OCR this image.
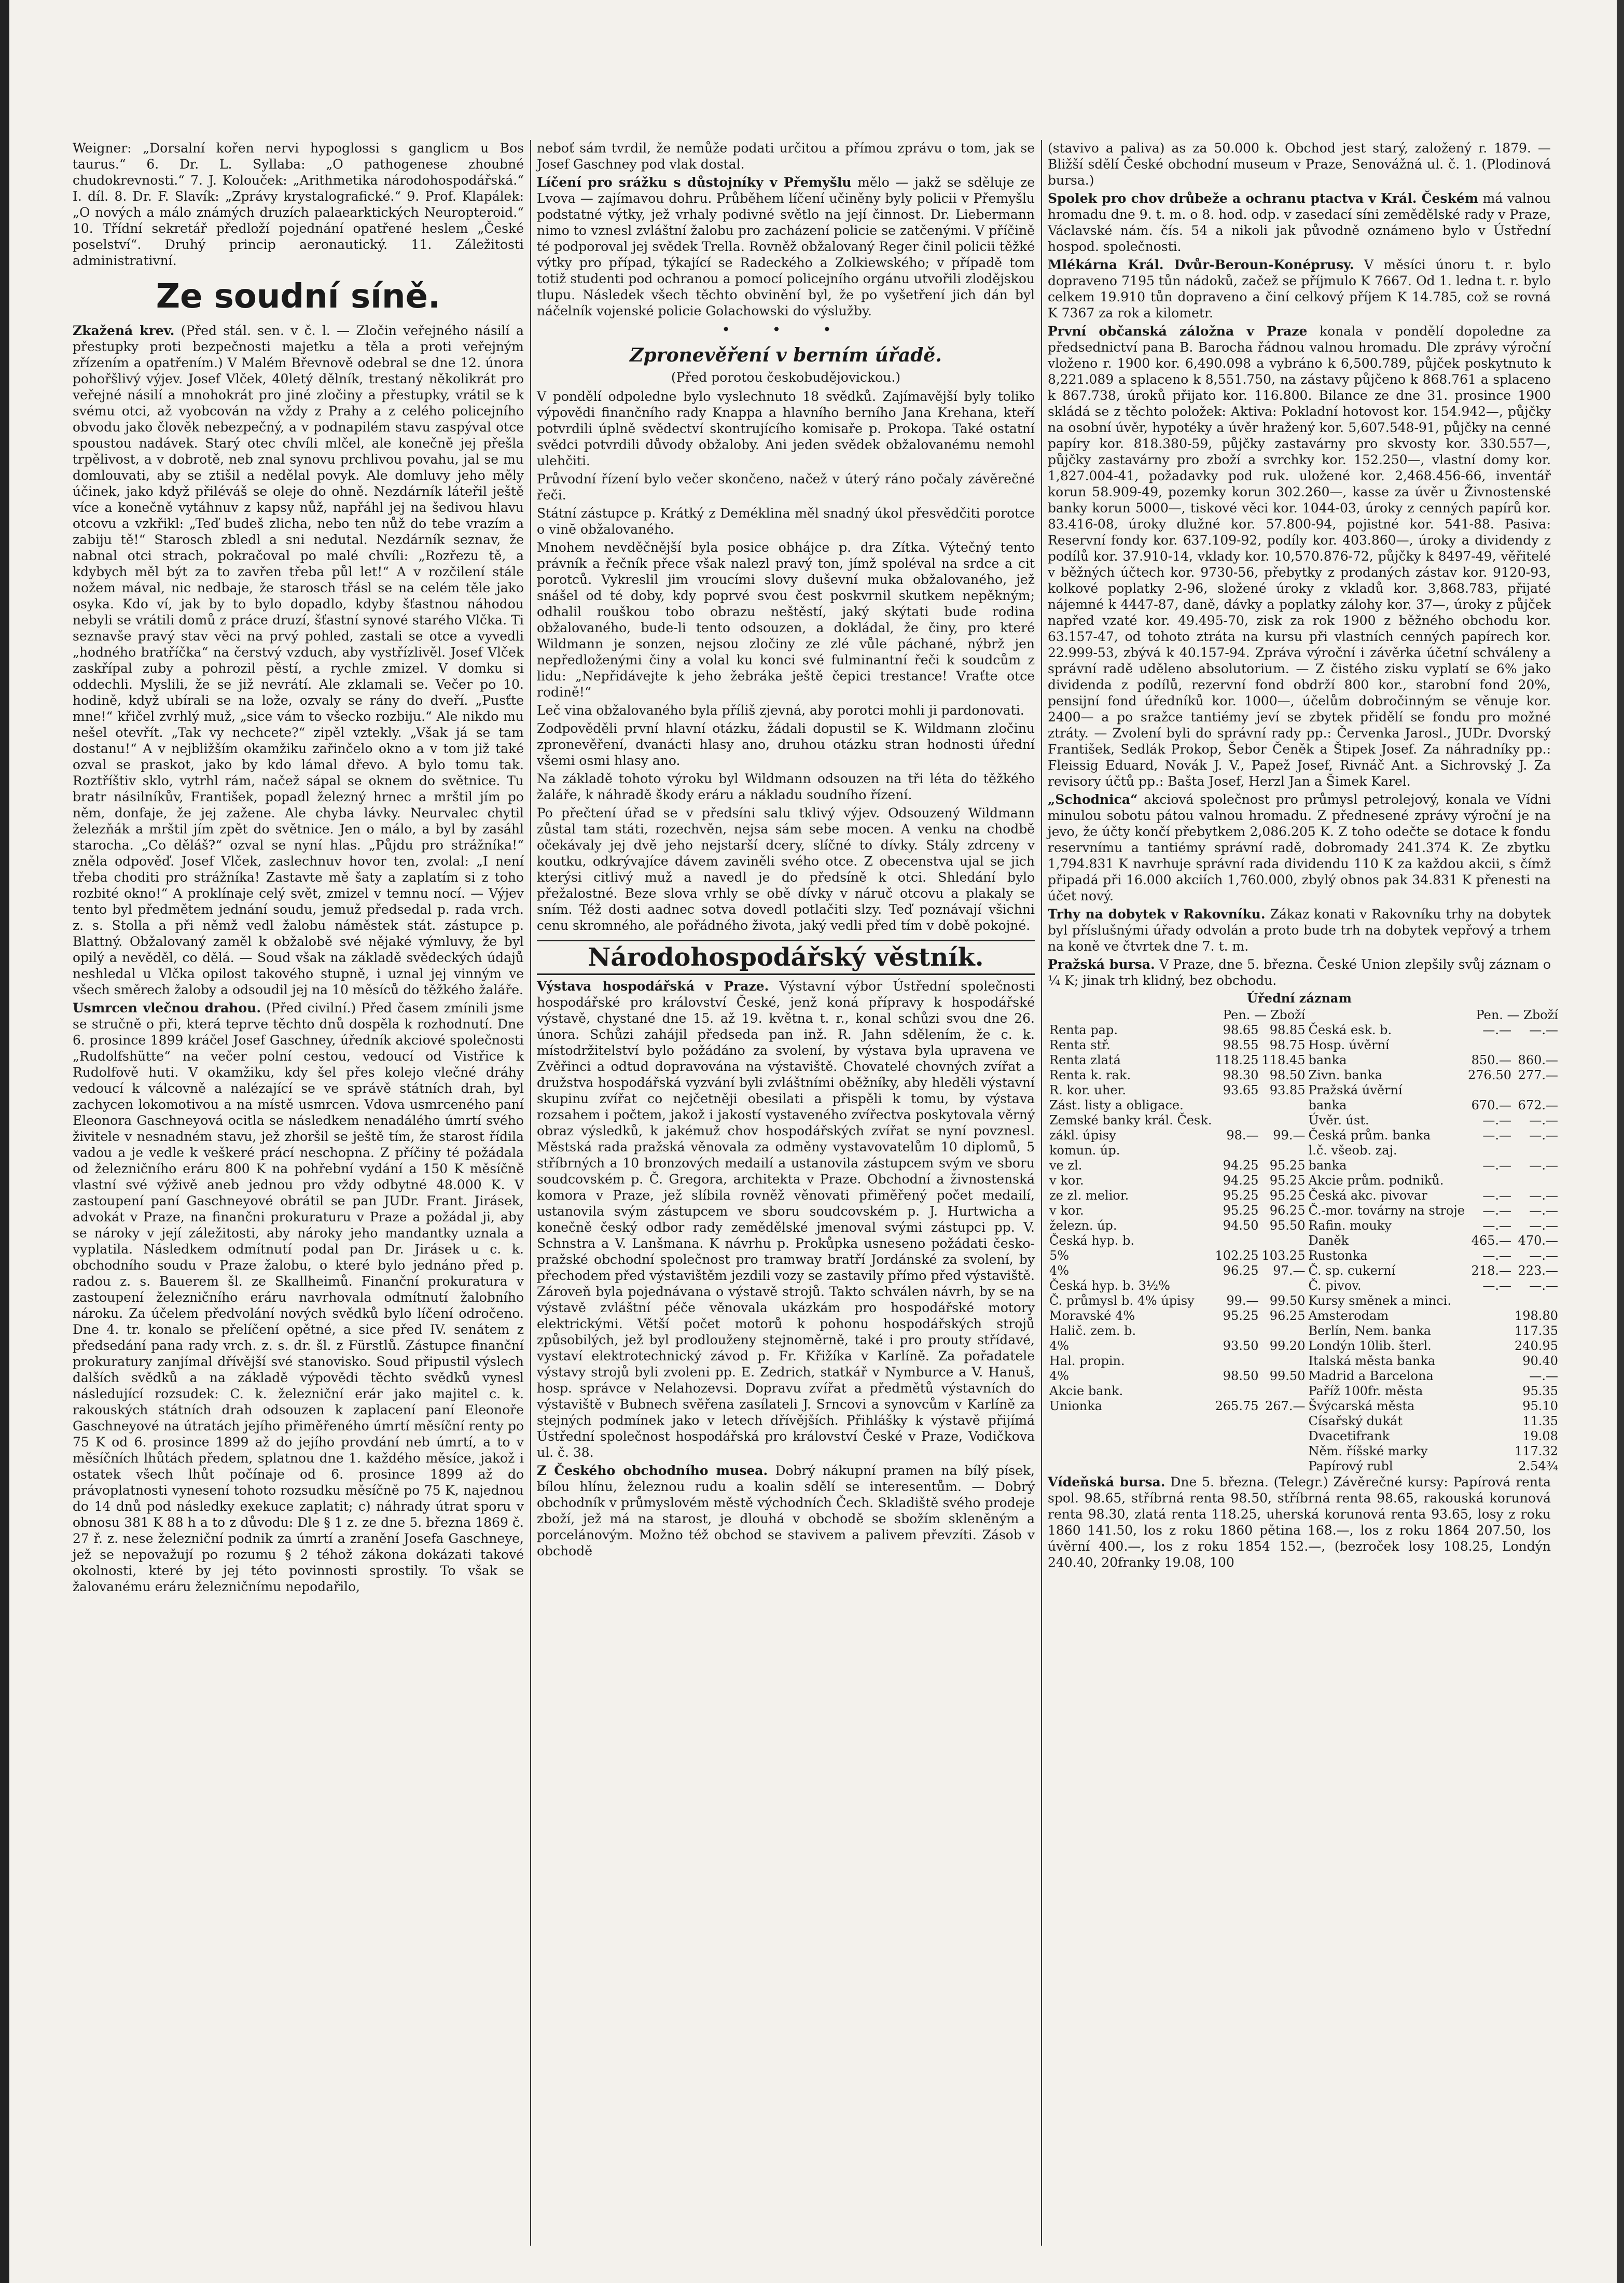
Weigner: „Dorsalní kořen nervi hypoglossi s ganglicm u Bos taurus.“ 6. Dr. L. Syllaba: „O pathogenese zhoubné chudokrevnosti.“ 7. J. Kolouček: „Arithmetika národohospodářská.“ I. díl. 8. Dr. F. Slavík: „Zprávy krystalografické.“ 9. Prof. Klapálek: „O nových a málo známých druzích palaearktických Neuropteroid.“ 10. Třídní sekretář předloží pojednání opatřené heslem „České poselství“. Druhý princip aeronautický. 11. Záležitosti administrativní.

Ze soudní síně.

Zkažená krev. (Před stál. sen. v č. l. — Zločin veřejného násilí a přestupky proti bezpečnosti majetku a těla a proti veřejným zřízením a opatřením.) V Malém Břevnově odebral se dne 12. února pohořšlivý výjev. Josef Vlček, 40letý dělník, trestaný několikrát pro veřejné násilí a mnohokrát pro jiné zločiny a přestupky, vrátil se k svému otci, až vyobcován na vždy z Prahy a z celého policejního obvodu jako člověk nebezpečný, a v podnapilém stavu zaspýval otce spoustou nadávek. Starý otec chvíli mlčel, ale konečně jej přešla trpělivost, a v dobrotě, neb znal synovu prchlivou povahu, jal se mu domlouvati, aby se ztišil a nedělal povyk. Ale domluvy jeho měly účinek, jako když přiléváš se oleje do ohně. Nezdárník láteřil ještě více a konečně vytáhnuv z kapsy nůž, napřáhl jej na šedivou hlavu otcovu a vzkřikl: „Teď budeš zlicha, nebo ten nůž do tebe vrazím a zabiju tě!“ Starosch zbledl a sni nedutal. Nezdárník seznav, že nabnal otci strach, pokračoval po malé chvíli: „Rozřezu tě, a kdybych měl být za to zavřen třeba půl let!“ A v rozčilení stále nožem mával, nic nedbaje, že starosch třásl se na celém těle jako osyka. Kdo ví, jak by to bylo dopadlo, kdyby šťastnou náhodou nebyli se vrátili domů z práce druzí, šťastní synové starého Vlčka. Ti seznavše pravý stav věci na prvý pohled, zastali se otce a vyvedli „hodného bratříčka“ na čerstvý vzduch, aby vystřízlivěl. Josef Vlček zaskřípal zuby a pohrozil pěstí, a rychle zmizel. V domku si oddechli. Myslili, že se již nevrátí. Ale zklamali se. Večer po 10. hodině, když ubírali se na lože, ozvaly se rány do dveří. „Pusťte mne!“ křičel zvrhlý muž, „sice vám to všecko rozbiju.“ Ale nikdo mu nešel otevřít. „Tak vy nechcete?“ zipěl vztekly. „Však já se tam dostanu!“ A v nejbližším okamžiku zařinčelo okno a v tom již také ozval se praskot, jako by kdo lámal dřevo. A bylo tomu tak. Roztříštiv sklo, vytrhl rám, načež sápal se oknem do světnice. Tu bratr násilníkův, František, popadl železný hrnec a mrštil jím po něm, donfaje, že jej zažene. Ale chyba lávky. Neurvalec chytil železňák a mrštil jím zpět do světnice. Jen o málo, a byl by zasáhl starocha. „Co děláš?“ ozval se nyní hlas. „Půjdu pro strážníka!“ zněla odpověď. Josef Vlček, zaslechnuv hovor ten, zvolal: „I není třeba choditi pro strážníka! Zastavte mě šaty a zaplatím si z toho rozbité okno!“ A proklínaje celý svět, zmizel v temnu nocí. — Výjev tento byl předmětem jednání soudu, jemuž předsedal p. rada vrch. z. s. Stolla a při němž vedl žalobu náměstek stát. zástupce p. Blattný. Obžalovaný zaměl k obžalobě své nějaké výmluvy, že byl opilý a nevěděl, co dělá. — Soud však na základě svědeckých údajů neshledal u Vlčka opilost takového stupně, i uznal jej vinným ve všech směrech žaloby a odsoudil jej na 10 měsíců do těžkého žaláře.

Usmrcen vlečnou drahou. (Před civilní.) Před časem zmínili jsme se stručně o při, která teprve těchto dnů dospěla k rozhodnutí. Dne 6. prosince 1899 kráčel Josef Gaschney, úředník akciové společnosti „Rudolfshütte“ na večer polní cestou, vedoucí od Vistřice k Rudolfově huti. V okamžiku, kdy šel přes kolejo vlečné dráhy vedoucí k válcovně a nalézající se ve správě státních drah, byl zachycen lokomotivou a na místě usmrcen. Vdova usmrceného paní Eleonora Gaschneyová ocitla se následkem nenadálého úmrtí svého živitele v nesnadném stavu, jež zhoršil se ještě tím, že starost řídila vadou a je vedle k veškeré prácí neschopna. Z příčiny té požádala od železničního eráru 800 K na pohřební vydání a 150 K měsíčně vlastní své výživě aneb jednou pro vždy odbytné 48.000 K. V zastoupení paní Gaschneyové obrátil se pan JUDr. Frant. Jirásek, advokát v Praze, na finančni prokuraturu v Praze a požádal ji, aby se nároky v její záležitosti, aby nároky jeho mandantky uznala a vyplatila. Následkem odmítnutí podal pan Dr. Jirásek u c. k. obchodního soudu v Praze žalobu, o které bylo jednáno před p. radou z. s. Bauerem šl. ze Skallheimů. Finanční prokuratura v zastoupení železničního eráru navrhovala odmítnutí žalobního nároku. Za účelem předvolání nových svědků bylo líčení odročeno. Dne 4. tr. konalo se přelíčení opětné, a sice před IV. senátem z předsedání pana rady vrch. z. s. dr. šl. z Fürstlů. Zástupce finanční prokuratury zanjímal dřívější své stanovisko. Soud připustil výslech dalších svědků a na základě výpovědi těchto svědků vynesl následující rozsudek: C. k. železniční erár jako majitel c. k. rakouských státních drah odsouzen k zaplacení paní Eleonoře Gaschneyové na útratách jejího přiměřeného úmrtí měsíční renty po 75 K od 6. prosince 1899 až do jejího provdání neb úmrtí, a to v měsíčních lhůtách předem, splatnou dne 1. každého měsíce, jakož i ostatek všech lhůt počínaje od 6. prosince 1899 až do právoplatnosti vynesení tohoto rozsudku měsíčně po 75 K, najednou do 14 dnů pod následky exekuce zaplatit; c) náhrady útrat sporu v obnosu 381 K 88 h a to z důvodu: Dle § 1 z. ze dne 5. března 1869 č. 27 ř. z. nese železniční podnik za úmrtí a zranění Josefa Gaschneye, jež se nepovažují po rozumu § 2 téhož zákona dokázati takové okolnosti, které by jej této povinnosti sprostily. To však se žalovanému eráru železničnímu nepodařilo,

neboť sám tvrdil, že nemůže podati určitou a přímou zprávu o tom, jak se Josef Gaschney pod vlak dostal.

Líčení pro srážku s důstojníky v Přemyšlu mělo — jakž se sděluje ze Lvova — zajímavou dohru. Průběhem líčení učiněny byly policii v Přemyšlu podstatné výtky, jež vrhaly podivné světlo na její činnost. Dr. Liebermann nimo to vznesl zvláštní žalobu pro zacházení policie se zatčenými. V příčině té podporoval jej svědek Trella. Rovněž obžalovaný Reger činil policii těžké výtky pro případ, týkající se Radeckého a Zolkiewského; v případě tom totiž studenti pod ochranou a pomocí policejního orgánu utvořili zlodějskou tlupu. Následek všech těchto obvinění byl, že po vyšetření jich dán byl náčelník vojenské policie Golachowski do výslužby.

• • •
Zpronevěření v berním úřadě.
(Před porotou českobudějovickou.)

V pondělí odpoledne bylo vyslechnuto 18 svědků. Zajímavější byly toliko výpovědi finančního rady Knappa a hlavního berního Jana Krehana, kteří potvrdili úplně svědectví skontrujícího komisaře p. Prokopa. Také ostatní svědci potvrdili důvody obžaloby. Ani jeden svědek obžalovanému nemohl ulehčiti.

Průvodní řízení bylo večer skončeno, načež v úterý ráno počaly závěrečné řeči.

Státní zástupce p. Krátký z Deméklina měl snadný úkol přesvědčiti porotce o vinĕ obžalovaného.

Mnohem nevděčnější byla posice obhájce p. dra Zítka. Výtečný tento právník a řečník přece však nalezl pravý ton, jímž spoléval na srdce a cit porotců. Vykreslil jim vroucími slovy duševní muka obžalovaného, jež snášel od té doby, kdy poprvé svou čest poskvrnil skutkem nepěkným; odhalil rouškou tobo obrazu neštěstí, jaký skýtati bude rodina obžalovaného, bude-li tento odsouzen, a dokládal, že činy, pro které Wildmann je sonzen, nejsou zločiny ze zlé vůle páchané, nýbrž jen nepředloženými činy a volal ku konci své fulminantní řeči k soudcům z lidu: „Nepřidávejte k jeho žebráka ještě čepici trestance! Vraťte otce rodině!“

Leč vina obžalovaného byla příliš zjevná, aby porotci mohli ji pardonovati.

Zodpověděli první hlavní otázku, žádali dopustil se K. Wildmann zločinu zpronevěření, dvanácti hlasy ano, druhou otázku stran hodnosti úřední všemi osmi hlasy ano.

Na základě tohoto výroku byl Wildmann odsouzen na tři léta do těžkého žaláře, k náhradě škody eráru a nákladu soudního řízení.

Po přečtení úřad se v předsíni salu tklivý výjev. Odsouzený Wildmann zůstal tam státi, rozechvěn, nejsa sám sebe mocen. A venku na chodbě očekávaly jej dvě jeho nejstarší dcery, slíčné to dívky. Stály zdrceny v koutku, odkrývajíce dávem zaviněli svého otce. Z obecenstva ujal se jich kterýsi citlivý muž a navedl je do předsíně k otci. Shledání bylo přežalostné. Beze slova vrhly se obě dívky v náruč otcovu a plakaly se sním. Též dosti aadnec sotva dovedl potlačiti slzy. Teď poznávají všichni cenu skromného, ale pořádného života, jaký vedli před tím v době pokojné.

Národohospodářský věstník.

Výstava hospodářská v Praze. Výstavní výbor Ústřední společnosti hospodářské pro království České, jenž koná přípravy k hospodářské výstavě, chystané dne 15. až 19. května t. r., konal schůzi svou dne 26. února. Schůzi zahájil předseda pan inž. R. Jahn sdělením, že c. k. místodržitelství bylo požádáno za svolení, by výstava byla upravena ve Zvěřinci a odtud dopravována na výstaviště. Chovatelé chovných zvířat a družstva hospodářská vyzvání byli zvláštními oběžníky, aby hleděli výstavní skupinu zvířat co nejčetněji obesilati a přispěli k tomu, by výstava rozsahem i počtem, jakož i jakostí vystaveného zvířectva poskytovala věrný obraz výsledků, k jakémuž chov hospodářských zvířat se nyní povznesl. Městská rada pražská věnovala za odměny vystavovatelům 10 diplomů, 5 stříbrných a 10 bronzových medailí a ustanovila zástupcem svým ve sboru soudcovském p. Č. Gregora, architekta v Praze. Obchodní a živnostenská komora v Praze, jež slíbila rovněž věnovati přiměřený počet medailí, ustanovila svým zástupcem ve sboru soudcovském p. J. Hurtwicha a konečně český odbor rady zemědělské jmenoval svými zástupci pp. V. Schnstra a V. Lanšmana. K návrhu p. Prokůpka usneseno požádati česko-pražské obchodní společnost pro tramway bratří Jordánské za svolení, by přechodem před výstavištěm jezdili vozy se zastavily přímo před výstaviště. Zároveň byla pojednávana o výstavě strojů. Takto schválen návrh, by se na výstavě zvláštní péče věnovala ukázkám pro hospodářské motory elektrickými. Větší počet motorů k pohonu hospodářských strojů způsobilých, jež byl prodlouženy stejnoměrně, také i pro prouty střídavé, vystaví elektrotechnický závod p. Fr. Křižíka v Karlíně. Za pořadatele výstavy strojů byli zvoleni pp. E. Zedrich, statkář v Nymburce a V. Hanuš, hosp. správce v Nelahozevsi. Dopravu zvířat a předmětů výstavních do výstaviště v Bubnech svěřena zasílateli J. Srncovi a synovcům v Karlíně za stejných podmínek jako v letech dřívějších. Přihlášky k výstavě přijímá Ústřední společnost hospodářská pro království České v Praze, Vodičkova ul. č. 38.

Z Českého obchodního musea. Dobrý nákupní pramen na bílý písek, bílou hlínu, železnou rudu a koalin sdělí se interesentům. — Dobrý obchodník v průmyslovém městě východních Čech. Skladiště svého prodeje zboží, jež má na starost, je dlouhá v obchodě se sbožím skleněným a porcelánovým. Možno též obchod se stavivem a palivem převzíti. Zásob v obchodě

(stavivo a paliva) as za 50.000 k. Obchod jest starý, založený r. 1879. — Bližší sdělí České obchodní museum v Praze, Senovážná ul. č. 1. (Plodinová bursa.)

Spolek pro chov drůbeže a ochranu ptactva v Král. Českém má valnou hromadu dne 9. t. m. o 8. hod. odp. v zasedací síni zemědělské rady v Praze, Václavské nám. čís. 54 a nikoli jak původně oznámeno bylo v Ústřední hospod. společnosti.

Mlékárna Král. Dvůr-Beroun-Konéprusy. V měsíci únoru t. r. bylo dopraveno 7195 tůn nádoků, začež se příjmulo K 7667. Od 1. ledna t. r. bylo celkem 19.910 tůn dopraveno a činí celkový příjem K 14.785, což se rovná K 7367 za rok a kilometr.

První občanská záložna v Praze konala v pondělí dopoledne za předsednictví pana B. Barocha řádnou valnou hromadu. Dle zprávy výroční vloženo r. 1900 kor. 6,490.098 a vybráno k 6,500.789, půjček poskytnuto k 8,221.089 a splaceno k 8,551.750, na zástavy půjčeno k 868.761 a splaceno k 867.738, úroků přijato kor. 116.800. Bilance ze dne 31. prosince 1900 skládá se z těchto položek: Aktiva: Pokladní hotovost kor. 154.942—, půjčky na osobní úvěr, hypotéky a úvěr hražený kor. 5,607.548-91, půjčky na cenné papíry kor. 818.380-59, půjčky zastavárny pro skvosty kor. 330.557—, půjčky zastavárny pro zboží a svrchky kor. 152.250—, vlastní domy kor. 1,827.004-41, požadavky pod ruk. uložené kor. 2,468.456-66, inventář korun 58.909-49, pozemky korun 302.260—, kasse za úvěr u Živnostenské banky korun 5000—, tiskové věci kor. 1044-03, úroky z cenných papírů kor. 83.416-08, úroky dlužné kor. 57.800-94, pojistné kor. 541-88. Pasiva: Reservní fondy kor. 637.109-92, podíly kor. 403.860—, úroky a dividendy z podílů kor. 37.910-14, vklady kor. 10,570.876-72, půjčky k 8497-49, věřitelé v běžných účtech kor. 9730-56, přebytky z prodaných zástav kor. 9120-93, kolkové poplatky 2-96, složené úroky z vkladů kor. 3,868.783, přijaté nájemné k 4447-87, daně, dávky a poplatky zálohy kor. 37—, úroky z půjček napřed vzaté kor. 49.495-70, zisk za rok 1900 z běžného obchodu kor. 63.157-47, od tohoto ztráta na kursu při vlastních cenných papírech kor. 22.999-53, zbývá k 40.157-94. Zpráva výroční i závěrka účetní schváleny a správní radě uděleno absolutorium. — Z čistého zisku vyplatí se 6% jako dividenda z podílů, rezervní fond obdrží 800 kor., starobní fond 20%, pensijní fond úředníků kor. 1000—, účelům dobročinným se věnuje kor. 2400— a po sražce tantiémy jeví se zbytek přidělí se fondu pro možné ztráty. — Zvolení byli do správní rady pp.: Červenka Jarosl., JUDr. Dvorský František, Sedlák Prokop, Šebor Čeněk a Štipek Josef. Za náhradníky pp.: Fleissig Eduard, Novák J. V., Papež Josef, Rivnáč Ant. a Sichrovský J. Za revisory účtů pp.: Bašta Josef, Herzl Jan a Šimek Karel.

„Schodnica“ akciová společnost pro průmysl petrolejový, konala ve Vídni minulou sobotu pátou valnou hromadu. Z přednesené zprávy výroční je na jevo, že účty končí přebytkem 2,086.205 K. Z toho odečte se dotace k fondu reservnímu a tantiémy správní radě, dobromady 241.374 K. Ze zbytku 1,794.831 K navrhuje správní rada dividendu 110 K za každou akcii, s čímž připadá při 16.000 akciích 1,760.000, zbylý obnos pak 34.831 K přenesti na účet nový.

Trhy na dobytek v Rakovníku. Zákaz konati v Rakovníku trhy na dobytek byl příslušnými úřady odvolán a proto bude trh na dobytek vepřový a trhem na koně ve čtvrtek dne 7. t. m.

Pražská bursa. V Praze, dne 5. března. České Union zlepšily svůj záznam o ¼ K; jinak trh klidný, bez obchodu.

Úřední záznam
	Pen. — Zboží			Pen. — Zboží	
Renta pap.	98.65	98.85	Česká esk. b.	—.—	—.—
Renta stř.	98.55	98.75	Hosp. úvěrní		
Renta zlatá	118.25	118.45	banka	850.—	860.—
Renta k. rak.	98.30	98.50	Zivn. banka	276.50	277.—
R. kor. uher.	93.65	93.85	Pražská úvěrní		
Zást. listy a obligace.			banka	670.—	672.—
Zemské banky král. Česk.			Úvěr. úst.	—.—	—.—
zákl. úpisy	98.—	99.—	Česká prům. banka	—.—	—.—
komun. úp.			l.č. všeob. zaj.		
ve zl.	94.25	95.25	banka	—.—	—.—
v kor.	94.25	95.25	Akcie prům. podniků.		
ze zl. melior.	95.25	95.25	Česká akc. pivovar	—.—	—.—
v kor.	95.25	96.25	Č.-mor. továrny na stroje	—.—	—.—
železn. úp.	94.50	95.50	Rafin. mouky	—.—	—.—
Česká hyp. b.			Daněk	465.—	470.—
5%	102.25	103.25	Rustonka	—.—	—.—
4%	96.25	97.—	Č. sp. cukerní	218.—	223.—
Česká hyp. b. 3½%			Č. pivov.	—.—	—.—
Č. průmysl b. 4% úpisy	99.—	99.50	Kursy směnek a minci.		
Moravské 4%	95.25	96.25	Amsterodam		198.80
Halič. zem. b.			Berlín, Nem. banka		117.35
4%	93.50	99.20	Londýn 10lib. šterl.		240.95
Hal. propin.			Italská města banka		90.40
4%	98.50	99.50	Madrid a Barcelona		—.—
Akcie bank.			Paříž 100fr. města		95.35
Unionka	265.75	267.—	Švýcarská města		95.10
			Císařský dukát		11.35
			Dvacetifrank		19.08
			Něm. říšské marky		117.32
			Papírový rubl		2.54¾

Vídeňská bursa. Dne 5. března. (Telegr.) Závěrečné kursy: Papírová renta spol. 98.65, stříbrná renta 98.50, stříbrná renta 98.65, rakouská korunová renta 98.30, zlatá renta 118.25, uherská korunová renta 93.65, losy z roku 1860 141.50, los z roku 1860 pětina 168.—, los z roku 1864 207.50, los úvěrní 400.—, los z roku 1854 152.—, (bezroček losy 108.25, Londýn 240.40, 20franky 19.08, 100
